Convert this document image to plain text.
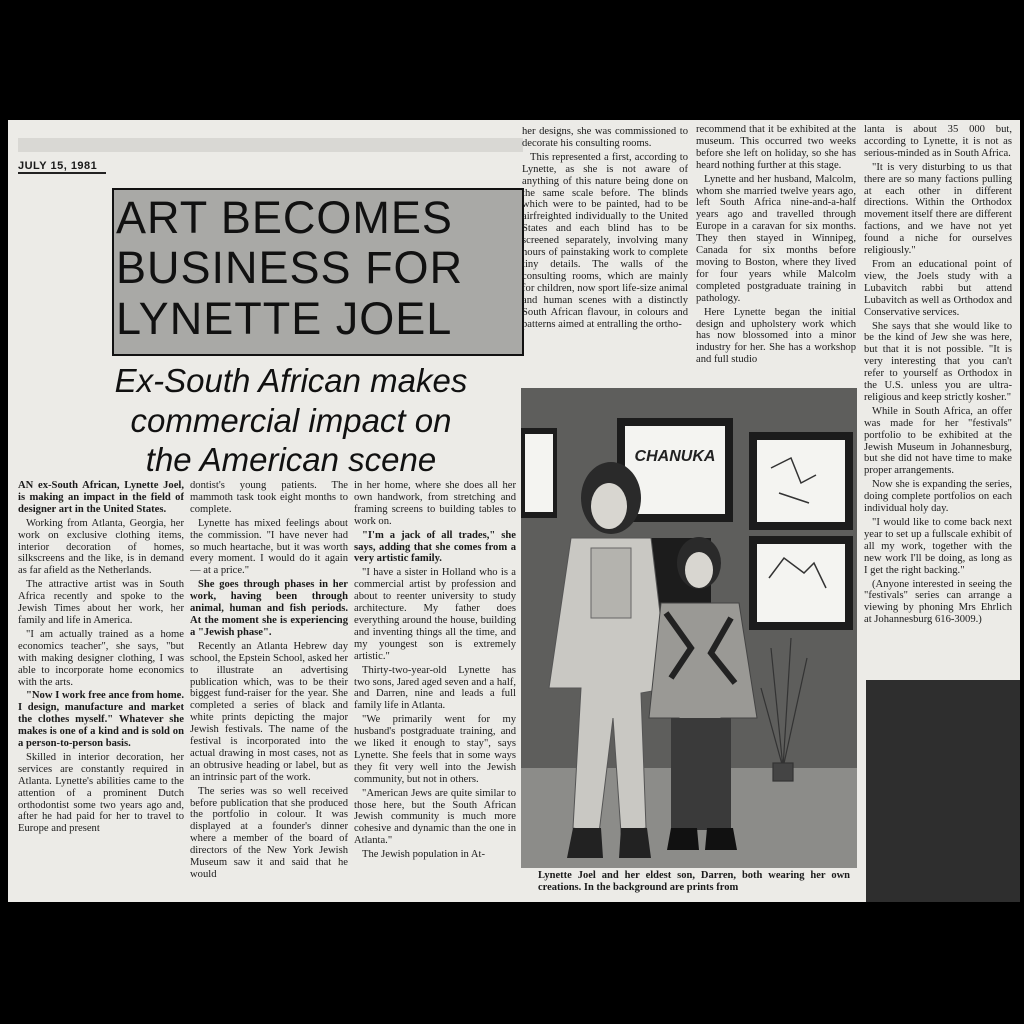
JULY 15, 1981
ART BECOMES
BUSINESS FOR
LYNETTE JOEL
Ex-South African makes
commercial impact on
the American scene

AN ex-South African, Lynette Joel, is making an impact in the field of designer art in the United States.

Working from Atlanta, Georgia, her work on exclusive clothing items, interior decoration of homes, silkscreens and the like, is in demand as far afield as the Netherlands.

The attractive artist was in South Africa recently and spoke to the Jewish Times about her work, her family and life in America.

"I am actually trained as a home economics teacher", she says, "but with making designer clothing, I was able to incorporate home economics with the arts.

"Now I work free ance from home. I design, manufacture and market the clothes myself." Whatever she makes is one of a kind and is sold on a person-to-person basis.

Skilled in interior decoration, her services are constantly required in Atlanta. Lynette's abilities came to the attention of a prominent Dutch orthodontist some two years ago and, after he had paid for her to travel to Europe and present

dontist's young patients. The mammoth task took eight months to complete.

Lynette has mixed feelings about the commission. "I have never had so much heartache, but it was worth every moment. I would do it again — at a price."

She goes through phases in her work, having been through animal, human and fish periods. At the moment she is experiencing a "Jewish phase".

Recently an Atlanta Hebrew day school, the Epstein School, asked her to illustrate an advertising publication which, was to be their biggest fund-raiser for the year. She completed a series of black and white prints depicting the major Jewish festivals. The name of the festival is incorporated into the actual drawing in most cases, not as an obtrusive heading or label, but as an intrinsic part of the work.

The series was so well received before publication that she produced the portfolio in colour. It was displayed at a founder's dinner where a member of the board of directors of the New York Jewish Museum saw it and said that he would

in her home, where she does all her own handwork, from stretching and framing screens to building tables to work on.

"I'm a jack of all trades," she says, adding that she comes from a very artistic family.

"I have a sister in Holland who is a commercial artist by profession and about to reenter university to study architecture. My father does everything around the house, building and inventing things all the time, and my youngest son is extremely artistic."

Thirty-two-year-old Lynette has two sons, Jared aged seven and a half, and Darren, nine and leads a full family life in Atlanta.

"We primarily went for my husband's postgraduate training, and we liked it enough to stay", says Lynette. She feels that in some ways they fit very well into the Jewish community, but not in others.

"American Jews are quite similar to those here, but the South African Jewish community is much more cohesive and dynamic than the one in Atlanta."

The Jewish population in At-

her designs, she was commissioned to decorate his consulting rooms.

This represented a first, according to Lynette, as she is not aware of anything of this nature being done on the same scale before. The blinds which were to be painted, had to be airfreighted individually to the United States and each blind has to be screened separately, involving many hours of painstaking work to complete tiny details. The walls of the consulting rooms, which are mainly for children, now sport life-size animal and human scenes with a distinctly South African flavour, in colours and patterns aimed at entralling the ortho-

recommend that it be exhibited at the museum. This occurred two weeks before she left on holiday, so she has heard nothing further at this stage.

Lynette and her husband, Malcolm, whom she married twelve years ago, left South Africa nine-and-a-half years ago and travelled through Europe in a caravan for six months. They then stayed in Winnipeg, Canada for six months before moving to Boston, where they lived for four years while Malcolm completed postgraduate training in pathology.

Here Lynette began the initial design and upholstery work which has now blossomed into a minor industry for her. She has a workshop and full studio

lanta is about 35 000 but, according to Lynette, it is not as serious-minded as in South Africa.

"It is very disturbing to us that there are so many factions pulling at each other in different directions. Within the Orthodox movement itself there are different factions, and we have not yet found a niche for ourselves religiously."

From an educational point of view, the Joels study with a Lubavitch rabbi but attend Lubavitch as well as Orthodox and Conservative services.

She says that she would like to be the kind of Jew she was here, but that it is not possible. "It is very interesting that you can't refer to yourself as Orthodox in the U.S. unless you are ultra-religious and keep strictly kosher."

While in South Africa, an offer was made for her "festivals" portfolio to be exhibited at the Jewish Museum in Johannesburg, but she did not have time to make proper arrangements.

Now she is expanding the series, doing complete portfolios on each individual holy day.

"I would like to come back next year to set up a fullscale exhibit of all my work, together with the new work I'll be doing, as long as I get the right backing."

(Anyone interested in seeing the "festivals" series can arrange a viewing by phoning Mrs Ehrlich at Johannesburg 616-3009.)

CHANUKA
Lynette Joel and her eldest son, Darren, both wearing her own creations. In the background are prints from
